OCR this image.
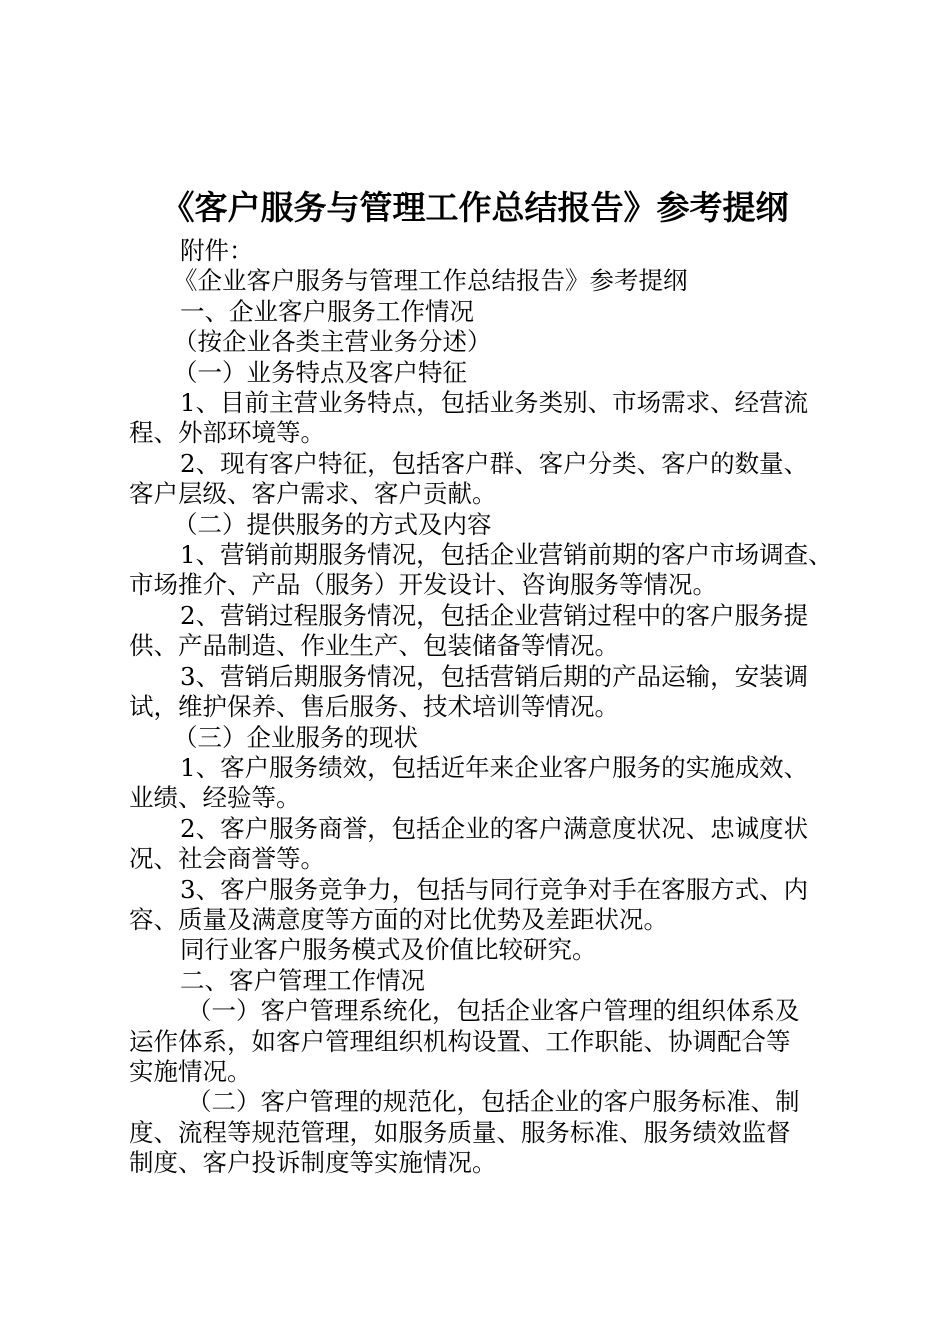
《客户服务与管理工作总结报告》参考提纲
附件：
《企业客户服务与管理工作总结报告》参考提纲
一、企业客户服务工作情况
（按企业各类主营业务分述）
（一）业务特点及客户特征
1、目前主营业务特点，包括业务类别、市场需求、经营流
程、外部环境等。
2、现有客户特征，包括客户群、客户分类、客户的数量、
客户层级、客户需求、客户贡献。
（二）提供服务的方式及内容
1、营销前期服务情况，包括企业营销前期的客户市场调查、
市场推介、产品（服务）开发设计、咨询服务等情况。
2、营销过程服务情况，包括企业营销过程中的客户服务提
供、产品制造、作业生产、包装储备等情况。
3、营销后期服务情况，包括营销后期的产品运输，安装调
试，维护保养、售后服务、技术培训等情况。
（三）企业服务的现状
1、客户服务绩效，包括近年来企业客户服务的实施成效、
业绩、经验等。
2、客户服务商誉，包括企业的客户满意度状况、忠诚度状
况、社会商誉等。
3、客户服务竞争力，包括与同行竞争对手在客服方式、内
容、质量及满意度等方面的对比优势及差距状况。
同行业客户服务模式及价值比较研究。
二、客户管理工作情况
（一）客户管理系统化，包括企业客户管理的组织体系及
运作体系，如客户管理组织机构设置、工作职能、协调配合等
实施情况。
（二）客户管理的规范化，包括企业的客户服务标准、制
度、流程等规范管理，如服务质量、服务标准、服务绩效监督
制度、客户投诉制度等实施情况。
